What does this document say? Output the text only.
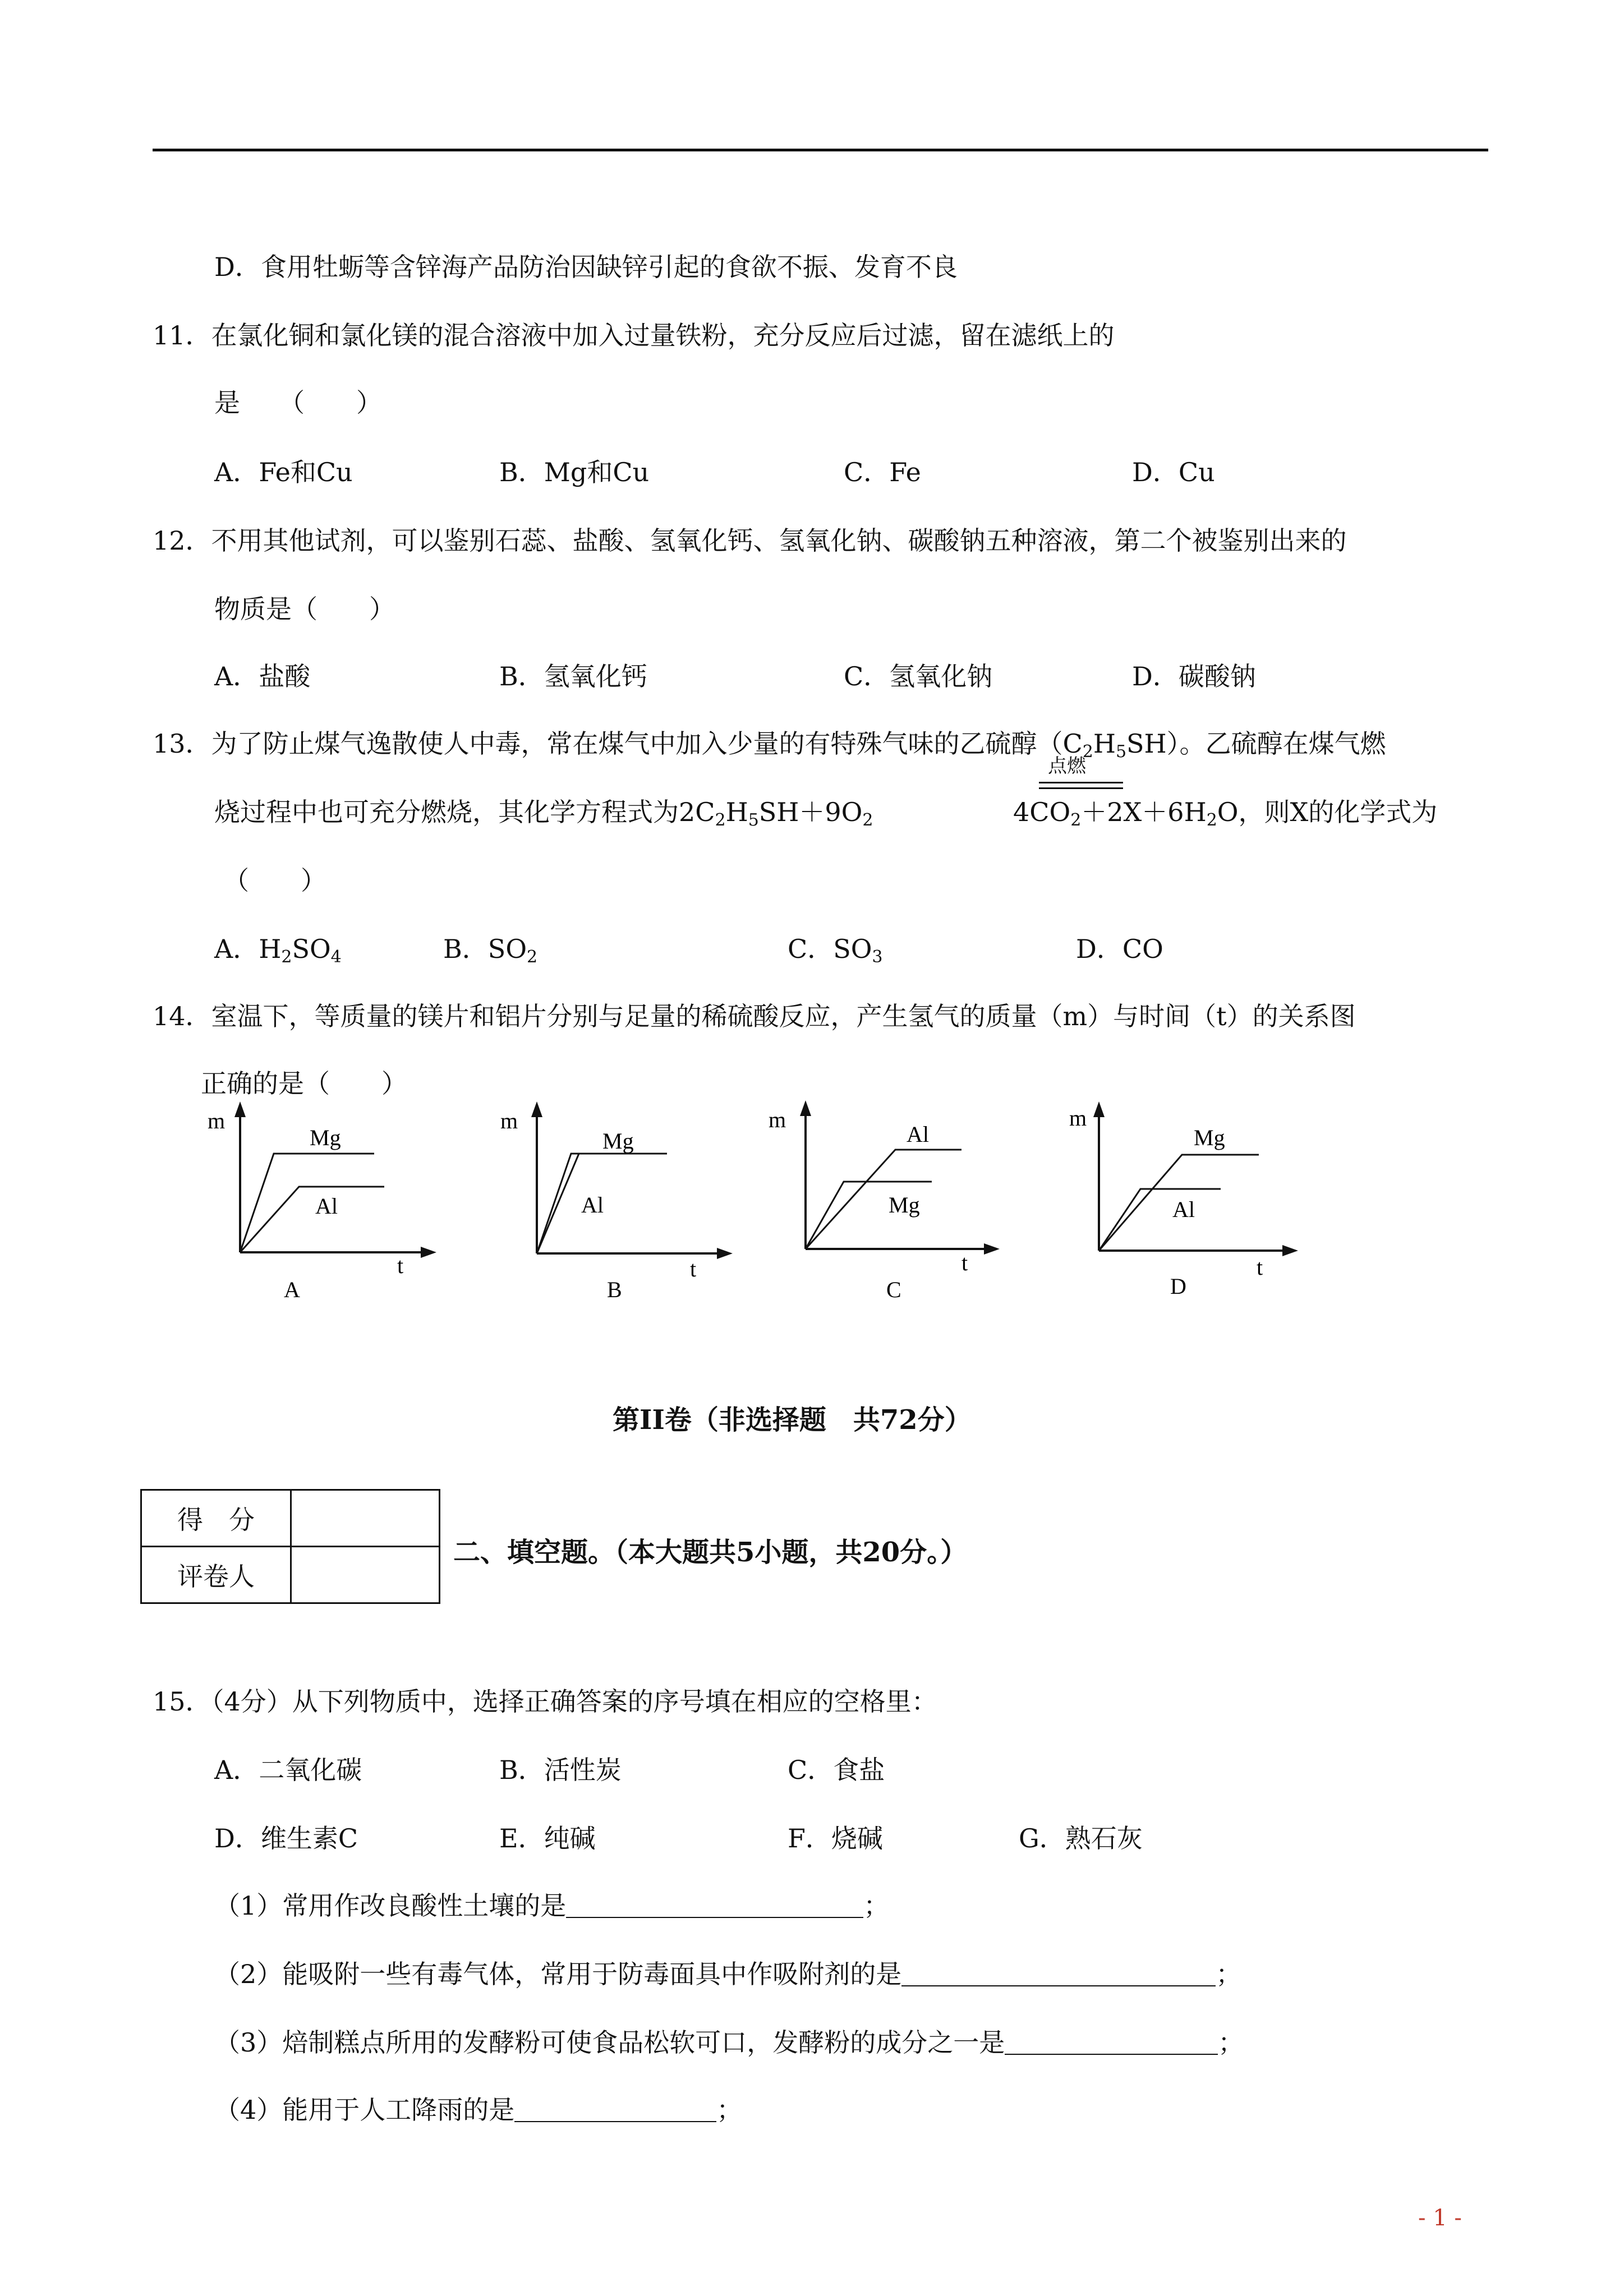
D．食用牡蛎等含锌海产品防治因缺锌引起的食欲不振、发育不良
11．在氯化铜和氯化镁的混合溶液中加入过量铁粉，充分反应后过滤，留在滤纸上的
是　　（　　）
A．Fe和Cu	B．Mg和Cu	C．Fe	D．Cu
12．不用其他试剂，可以鉴别石蕊、盐酸、氢氧化钙、氢氧化钠、碳酸钠五种溶液，第二个被鉴别出来的
物质是（　　）
A．盐酸	B．氢氧化钙	C．氢氧化钠	D．碳酸钠
13．为了防止煤气逸散使人中毒，常在煤气中加入少量的有特殊气味的乙硫醇$(C_2H_5SH)$。乙硫醇在煤气燃
烧过程中也可充分燃烧，其化学方程式为$2C_2H_5SH+9O_2$
点燃
$4CO_2+2X+6H_2O$，则X的化学式为
（　　）
A．$H_2SO_4$	B．$SO_2$	C．$SO_3$	D．CO
14．室温下，等质量的镁片和铝片分别与足量的稀硫酸反应，产生氢气的质量（m）与时间（t）的关系图
正确的是（　　）
m
t
Mg
Al
A
m
t
Mg
Al
B
m
t
Al
Mg
C
m
t
Mg
Al
D
第II卷（非选择题　共72分）
得　分	
评卷人	
二、填空题。（本大题共5小题，共20分。）
15．（4分）从下列物质中，选择正确答案的序号填在相应的空格里：
A．二氧化碳	B．活性炭	C．食盐
D．维生素C	E．纯碱	F．烧碱	G．熟石灰
（1）常用作改良酸性土壤的是	；
（2）能吸附一些有毒气体，常用于防毒面具中作吸附剂的是	；
（3）焙制糕点所用的发酵粉可使食品松软可口，发酵粉的成分之一是	；
（4）能用于人工降雨的是	；
- 1 -
